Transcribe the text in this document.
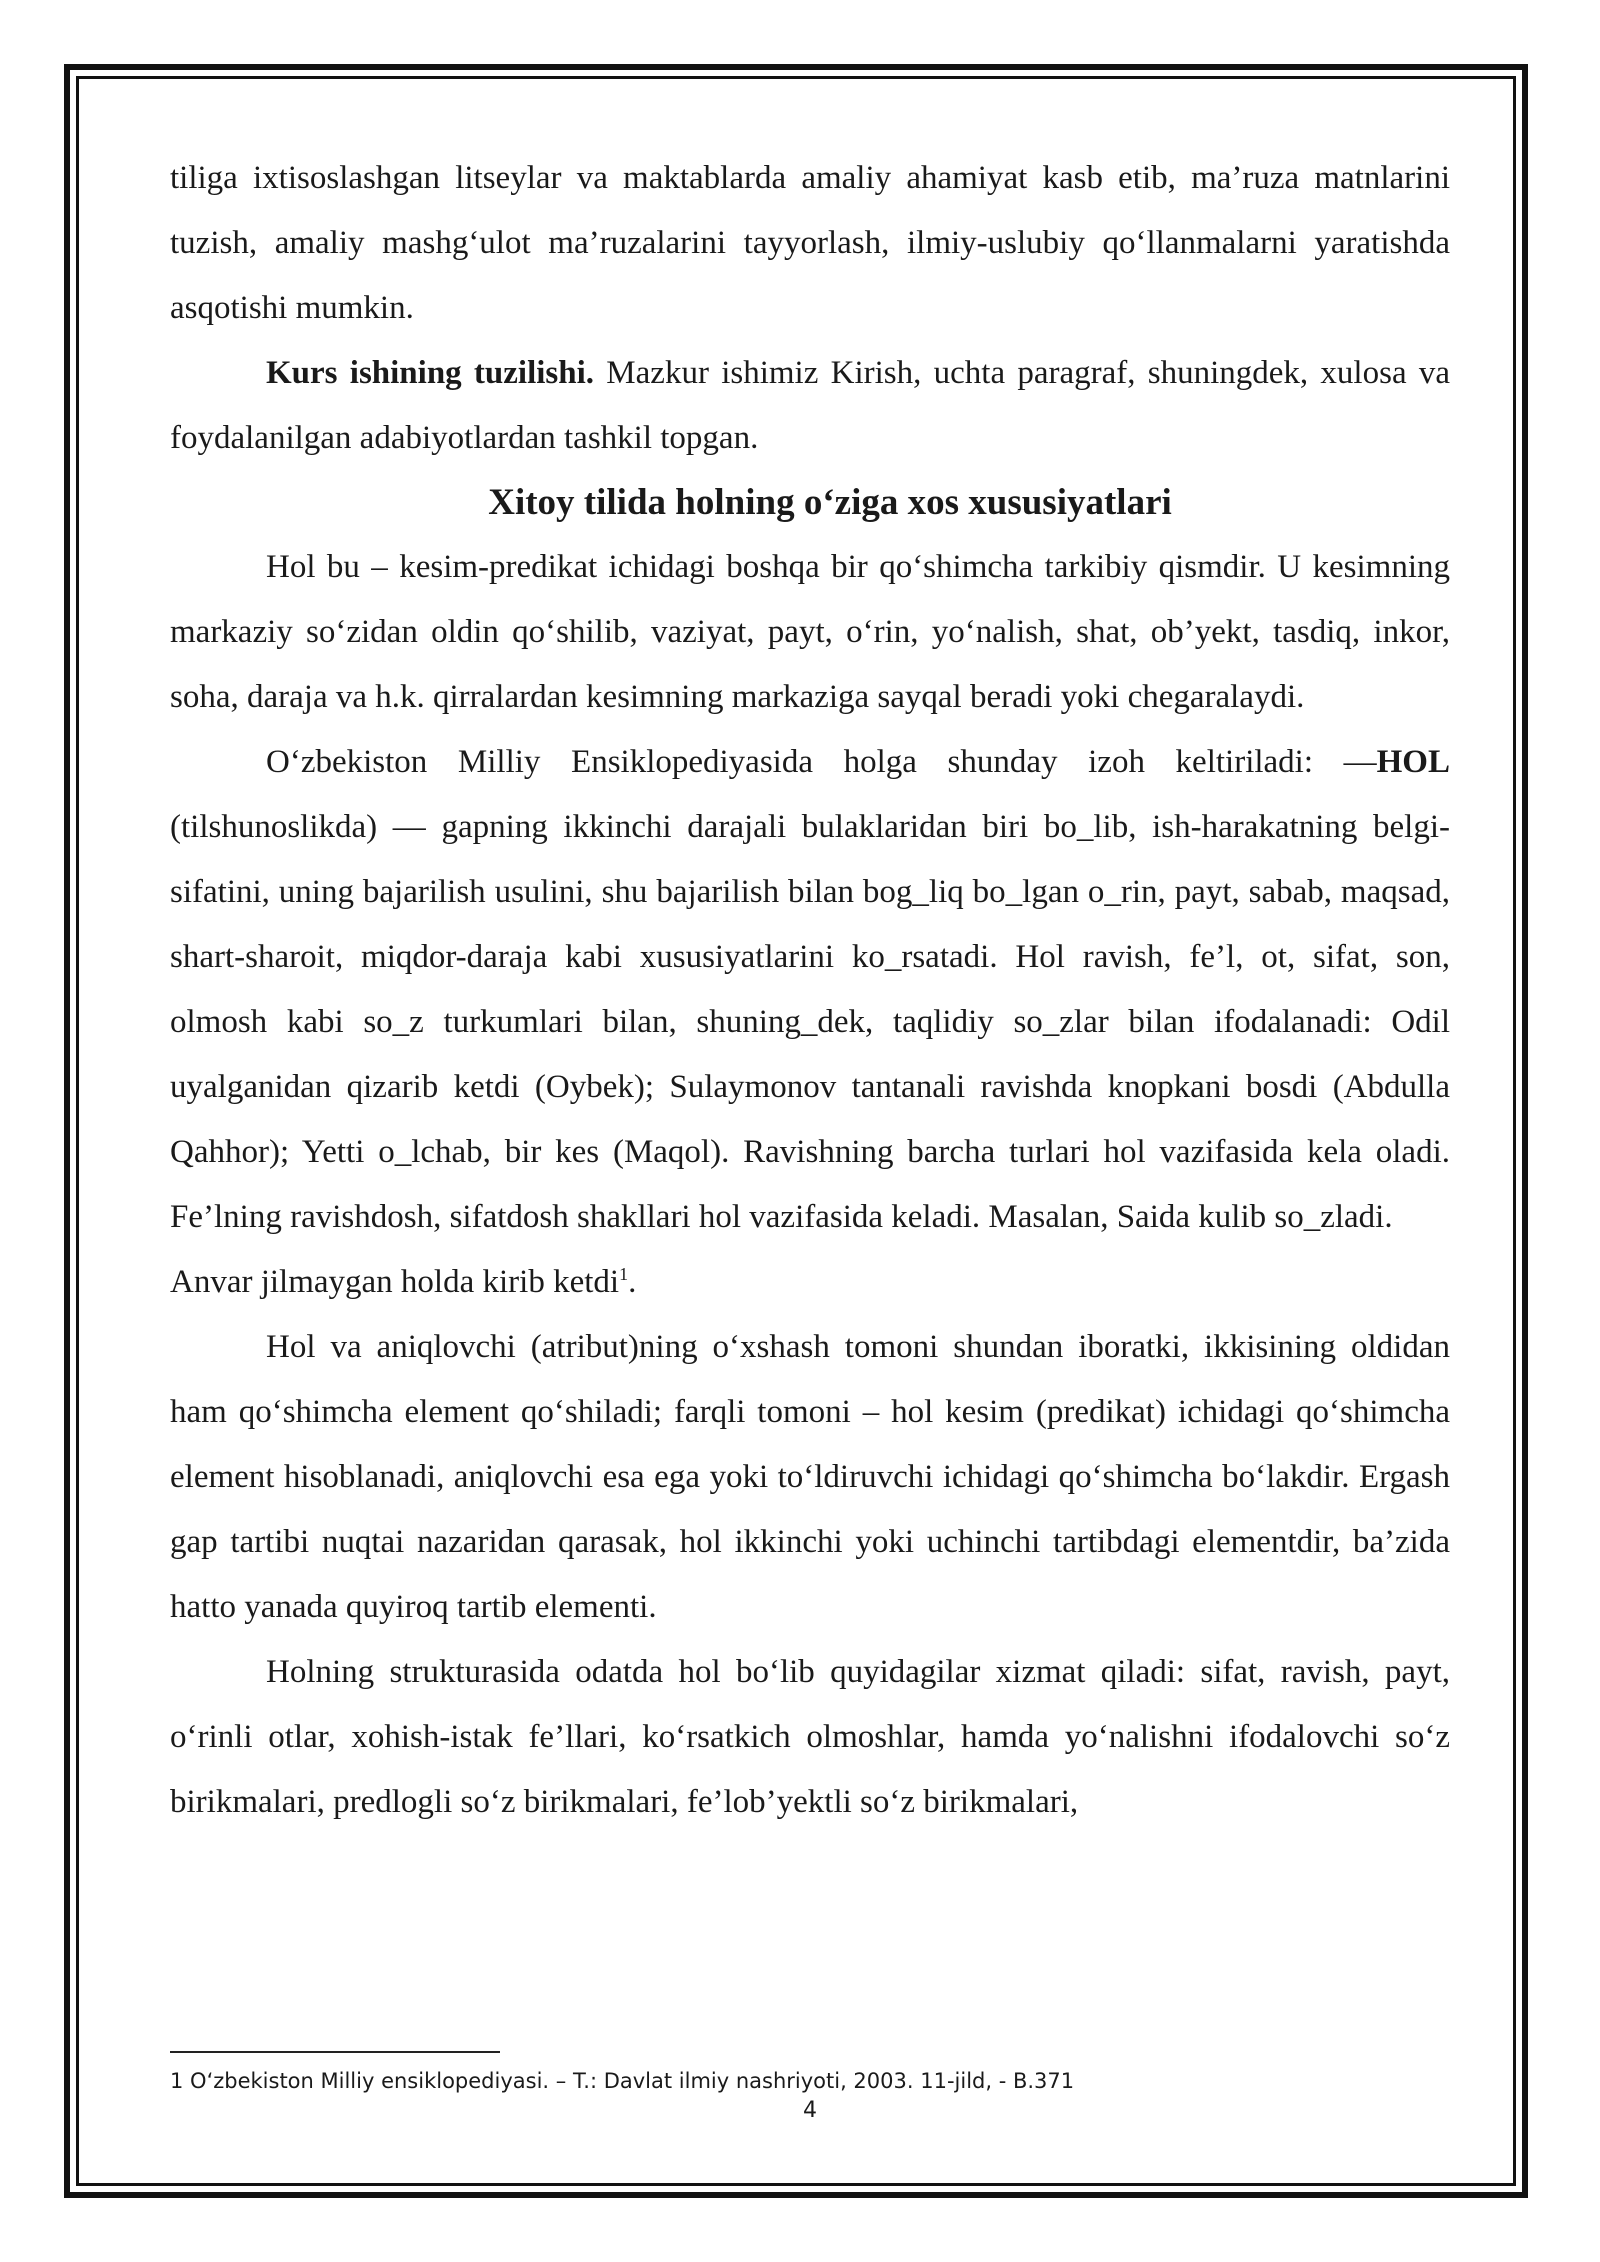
tiliga ixtisoslashgan litseylar va maktablarda amaliy ahamiyat kasb etib, ma’ruza matnlarini tuzish, amaliy mashg‘ulot ma’ruzalarini tayyorlash, ilmiy-uslubiy qo‘llanmalarni yaratishda asqotishi mumkin.

Kurs ishining tuzilishi. Mazkur ishimiz Kirish, uchta paragraf, shuningdek, xulosa va foydalanilgan adabiyotlardan tashkil topgan.

Xitoy tilida holning o‘ziga xos xususiyatlari

Hol bu – kesim-predikat ichidagi boshqa bir qo‘shimcha tarkibiy qismdir. U kesimning markaziy so‘zidan oldin qo‘shilib, vaziyat, payt, o‘rin, yo‘nalish, shat, ob’yekt, tasdiq, inkor, soha, daraja va h.k. qirralardan kesimning markaziga sayqal beradi yoki chegaralaydi.

O‘zbekiston Milliy Ensiklopediyasida holga shunday izoh keltiriladi: —HOL (tilshunoslikda) — gapning ikkinchi darajali bulaklaridan biri bo_lib, ish-harakatning belgi-sifatini, uning bajarilish usulini, shu bajarilish bilan bog_liq bo_lgan o_rin, payt, sabab, maqsad, shart-sharoit, miqdor-daraja kabi xususiyatlarini ko_rsatadi. Hol ravish, fe’l, ot, sifat, son, olmosh kabi so_z turkumlari bilan, shuning_dek, taqlidiy so_zlar bilan ifodalanadi: Odil uyalganidan qizarib ketdi (Oybek); Sulaymonov tantanali ravishda knopkani bosdi (Abdulla Qahhor); Yetti o_lchab, bir kes (Maqol). Ravishning barcha turlari hol vazifasida kela oladi. Fe’lning ravishdosh, sifatdosh shakllari hol vazifasida keladi. Masalan, Saida kulib so_zladi.

Anvar jilmaygan holda kirib ketdi$^1$.

Hol va aniqlovchi (atribut)ning o‘xshash tomoni shundan iboratki, ikkisining oldidan ham qo‘shimcha element qo‘shiladi; farqli tomoni – hol kesim (predikat) ichidagi qo‘shimcha element hisoblanadi, aniqlovchi esa ega yoki to‘ldiruvchi ichidagi qo‘shimcha bo‘lakdir. Ergash gap tartibi nuqtai nazaridan qarasak, hol ikkinchi yoki uchinchi tartibdagi elementdir, ba’zida hatto yanada quyiroq tartib elementi.

Holning strukturasida odatda hol bo‘lib quyidagilar xizmat qiladi: sifat, ravish, payt, o‘rinli otlar, xohish-istak fe’llari, ko‘rsatkich olmoshlar, hamda yo‘nalishni ifodalovchi so‘z birikmalari, predlogli so‘z birikmalari, fe’lob’yektli so‘z birikmalari,

1 O‘zbekiston Milliy ensiklopediyasi. – T.: Davlat ilmiy nashriyoti, 2003. 11-jild, - B.371
4
